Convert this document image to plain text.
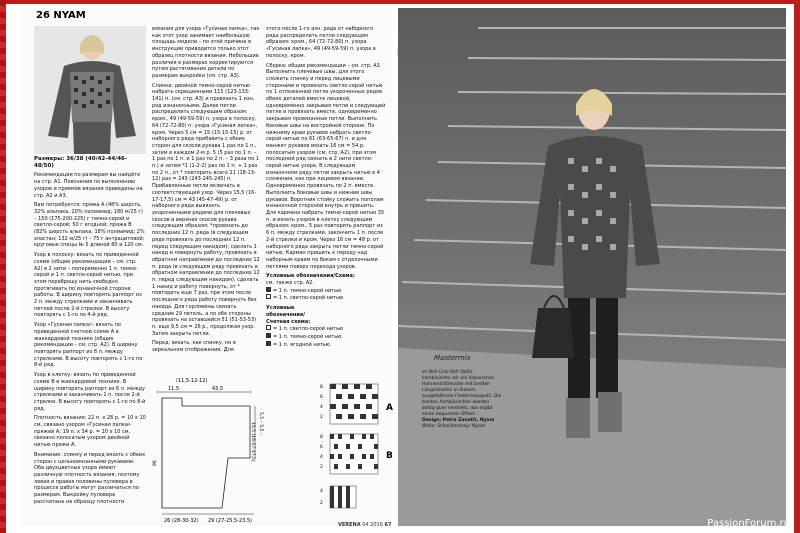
26 NYAM

Размеры: 36/38 (40/42-44/46-48/50)

Рекомендации по размерам вы найдёте на стр. А1. Пояснения по выполнению узоров и приемов вязания приведены на стр. А2 и А3.

Вам потребуется: пряжа А (48% шерсть, 32% альпака, 20% полиамид; 180 м/25 г) – 150 (175-200-225) г темно-серой и светло-серой; 50 г ягодной; пряжа В (82% шерсть альпака, 18% полиамид; 2% эластан; 132 м/25 г) – 75 г антрацитовой; круговые спицы № 5 длиной 80 и 120 см.

Узор в полоску: вязать по приведенной схеме (общие рекомендации – см. стр. А2) в 2 нити – попеременно 1 п. темно-серой и 1 п. светло-серой нитью, при этом переброшу нить свободно протягивать по изнаночной стороне работы. В ширину повторять раппорт из 2 п. между стрелками и заканчивать петлей после 2-й стрелки. В высоту повторять с 1-го по 4-й ряд.

Узор «Гусиная лапка»: вязать по приведенной счетной схеме А в жаккардовой технике (общие рекомендации – см. стр. А2). В ширину повторять раппорт из 8 п. между стрелками. В высоту повторять с 1-го по 8-й ряд.

Узор в клетку: вязать по приведенной схеме В в жаккардовой технике. В ширину повторять раппорт из 6 п. между стрелками и заканчивать 1 п. после 2-й стрелки. В высоту повторять с 1-го по 8-й ряд.

Плотность вязания: 22 п. х 28 р. = 10 х 10 см, связано узором «Гусиная лапка» пряжей А; 19 п. х 34 р. = 10 х 10 см, связано полосатым узором двойной нитью пряжи А.

Внимание: спинку и перед вязать с обеих сторон с цельновязанными рукавами. Оба двухцветных узора имеют различную плотность вязания, поэтому левая и правая половины пуловера в процессе работы могут различаться по размерам. Выкройку пуловера рассчитана на образцу плотности

вязания для узора «Гусиная лапка», так как этот узор занимает наибольшую площадь модели – по этой причине в инструкции приводится только этот образец плотности вязания. Небольшие различия в размерах корректируются путем растягивания детали по размерам выкройки (см. стр. А3).

Спинка: двойной темно-серой нитью набрать скрещенными 115 (123-133-141) п. (см. стр. А3) и провязать 1 изн. ряд изнаночными. Далее петли распределить следующим образом: кром., 49 (49-59-59) п. узора в полоску, 64 (72-72-80) п. узора «Гусиная лапка», кром. Через 5 см = 15 (15-15-15) р. от наборного ряда прибавить с обеих сторон для скосов рукава 1 раз по 1 п., затем в каждом 2-м р. 5 (5 раз по 1 п. – 1 раз по 1 п. и 1 раз по 2 п. – 3 раза по 1 п.) и затем *1 (1-2-2) раз по 1 п. + 1 раз по 2 п., от * повторить всего 21 (18-13-12) раз = 243 (243-245-245) п. Прибавленные петли включать в соответствующий узор. Через 15,5 (16-17-17,5) см = 43 (45-47-49) р. от наборного ряда вывязать укороченными рядами для плечевых скосов и верхних скосов рукава следующим образом: *провязать до последних 12 п. ряда (в следующем ряде провязать до последних 12 п. перед следующим накидом); сделать 1 накид и повернуть работу, провязать в обратном направлении до последних 12 п. ряда (в следующем ряду провязать в обратном направлении до последних 12 п. перед следующим накидом), сделать 1 накид и работу повернуть, от * повторить еще 7 раз, при этом после последнего ряда работу повернуть без накида. Для горловины связать средние 29 петель, а по обе стороны провязать на оставшейся 51 (51-53-53) п. еще 9,5 см = 26 р., продолжая узор. Затем закрыть петли.

Перед: вязать, как спинку, но в зеркальном отображении. Для

этого после 1-го изн. ряда от наборного ряда распределить петли следующим образом: кром., 64 (72-72-80) п. узора «Гусиная лапка», 49 (49-59-59) п. узора в полоску, кром.

Сборка: общие рекомендации – см. стр. А3. Выполнить плечевые швы, для этого сложить спинку и перед лицевыми сторонами и провязать светло-серой нитью по 1 отложенной петле укороченных рядов обеих деталей вместе лицевой, одновременно закрывая петли и следующей петле и провязать вместе, одновременно закрывая провязанные петли. Выполнить боковые швы на востройной стороне. По нижнему краю рукавов набрать светло-серой нитью по 61 (63-65-67) п. и для манжет рукавов вязать 16 см = 54 р. полосатым узором (см. стр. А2), при этом последний ряд связать в 2 нити светло-серой нитью узора. В следующем изнаночном ряду петли закрыть нитью в 4 сложения, как при лицевом вязании. Одновременно провязать по 2 п. вместе. Выполнить боковые швы и нижние швы рукавов. Воротник стойку сложить пополам изнаночной стороной внутрь и пришить. Для кармана набрать темно-серой нитью 35 п. и вязать узором в клетку следующим образом: кром., 5 раз повторить раппорт из 6 п. между стрелками, закончить 1 п. после 2-й стрелки и кром. Через 16 см = 48 р. от наборного ряда закрыть петли темно-серой нитью. Карман пришить к переду над наборным краем по бокам с отделочными петлями поверх перехода узоров.

Условные обозначения/Схема:

см. также стр. А2.

= 1 п. темно-серой нитью

= 1 п. светло-серой нитью

Условные обозначения/Счетная схема:

= 1 п. светло-серой нитью

= 1 п. темно-серой нитью

= 1 п. ягодной нитью

(11,5-12-12)
11,5	43,5
5,5 – 5,5 –
15,5 (16-17-17,5)
86
26 (28-30-32) 29 (27-25,5-23,5)
8
6
4
2
A
8
6
4
2
B
4
2
VERENA 04 2016 67
Mastermix
im Brit-Chic-Stil! Dafür kombinierter wir ein klassisches Hahnentrittmuster mit breiten Längsstreifen in diesem ausgefallenen Fledermauspulli. Die breiten Armbündchen werden stetig quer verdreht, das ergibt einen bequemen Effekt.
Design: Petra Zanotti, Nyam
Wolle: Schachenmayr Nyam
PassionForum.ru
